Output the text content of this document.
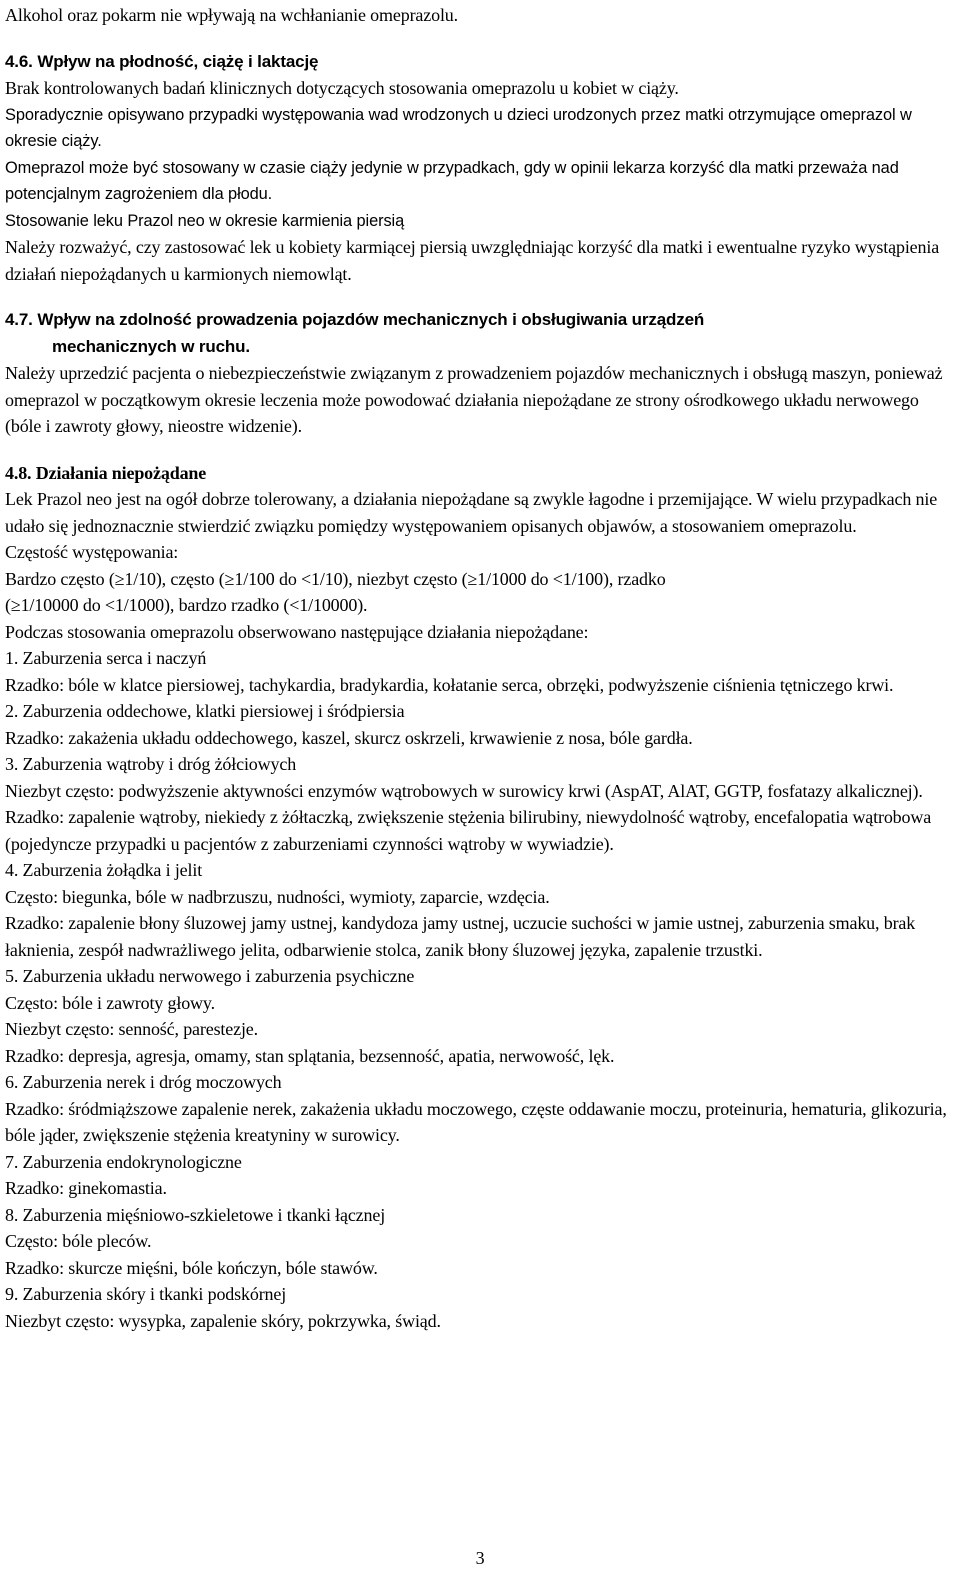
Alkohol oraz pokarm nie wpływają na wchłanianie omeprazolu.

4.6. Wpływ na płodność, ciążę i laktację

Brak kontrolowanych badań klinicznych dotyczących stosowania omeprazolu u kobiet w ciąży.

Sporadycznie opisywano przypadki występowania wad wrodzonych u dzieci urodzonych przez matki otrzymujące omeprazol w okresie ciąży.

Omeprazol może być stosowany w czasie ciąży jedynie w przypadkach, gdy w opinii lekarza korzyść dla matki przeważa nad potencjalnym zagrożeniem dla płodu.

Stosowanie leku Prazol neo w okresie karmienia piersią

Należy rozważyć, czy zastosować lek u kobiety karmiącej piersią uwzględniając korzyść dla matki i ewentualne ryzyko wystąpienia działań niepożądanych u karmionych niemowląt.

4.7. Wpływ na zdolność prowadzenia pojazdów mechanicznych i obsługiwania urządzeń

mechanicznych w ruchu.

Należy uprzedzić pacjenta o niebezpieczeństwie związanym z prowadzeniem pojazdów mechanicznych i obsługą maszyn, ponieważ omeprazol w początkowym okresie leczenia może powodować działania niepożądane ze strony ośrodkowego układu nerwowego (bóle i zawroty głowy, nieostre widzenie).

4.8. Działania niepożądane

Lek Prazol neo jest na ogół dobrze tolerowany, a działania niepożądane są zwykle łagodne i przemijające. W wielu przypadkach nie udało się jednoznacznie stwierdzić związku pomiędzy występowaniem opisanych objawów, a stosowaniem omeprazolu.

Częstość występowania:

Bardzo często (≥1/10), często (≥1/100 do <1/10), niezbyt często (≥1/1000 do <1/100), rzadko

(≥1/10000 do <1/1000), bardzo rzadko (<1/10000).

Podczas stosowania omeprazolu obserwowano następujące działania niepożądane:

1. Zaburzenia serca i naczyń

Rzadko: bóle w klatce piersiowej, tachykardia, bradykardia, kołatanie serca, obrzęki, podwyższenie ciśnienia tętniczego krwi.

2. Zaburzenia oddechowe, klatki piersiowej i śródpiersia

Rzadko: zakażenia układu oddechowego, kaszel, skurcz oskrzeli, krwawienie z nosa, bóle gardła.

3. Zaburzenia wątroby i dróg żółciowych

Niezbyt często: podwyższenie aktywności enzymów wątrobowych w surowicy krwi (AspAT, AlAT, GGTP, fosfatazy alkalicznej).

Rzadko: zapalenie wątroby, niekiedy z żółtaczką, zwiększenie stężenia bilirubiny, niewydolność wątroby, encefalopatia wątrobowa (pojedyncze przypadki u pacjentów z zaburzeniami czynności wątroby w wywiadzie).

4. Zaburzenia żołądka i jelit

Często: biegunka, bóle w nadbrzuszu, nudności, wymioty, zaparcie, wzdęcia.

Rzadko: zapalenie błony śluzowej jamy ustnej, kandydoza jamy ustnej, uczucie suchości w jamie ustnej, zaburzenia smaku, brak łaknienia, zespół nadwrażliwego jelita, odbarwienie stolca, zanik błony śluzowej języka, zapalenie trzustki.

5. Zaburzenia układu nerwowego i zaburzenia psychiczne

Często: bóle i zawroty głowy.

Niezbyt często: senność, parestezje.

Rzadko: depresja, agresja, omamy, stan splątania, bezsenność, apatia, nerwowość, lęk.

6. Zaburzenia nerek i dróg moczowych

Rzadko: śródmiąższowe zapalenie nerek, zakażenia układu moczowego, częste oddawanie moczu, proteinuria, hematuria, glikozuria, bóle jąder, zwiększenie stężenia kreatyniny w surowicy.

7. Zaburzenia endokrynologiczne

Rzadko: ginekomastia.

8. Zaburzenia mięśniowo-szkieletowe i tkanki łącznej

Często: bóle pleców.

Rzadko: skurcze mięśni, bóle kończyn, bóle stawów.

9. Zaburzenia skóry i tkanki podskórnej

Niezbyt często: wysypka, zapalenie skóry, pokrzywka, świąd.

3
